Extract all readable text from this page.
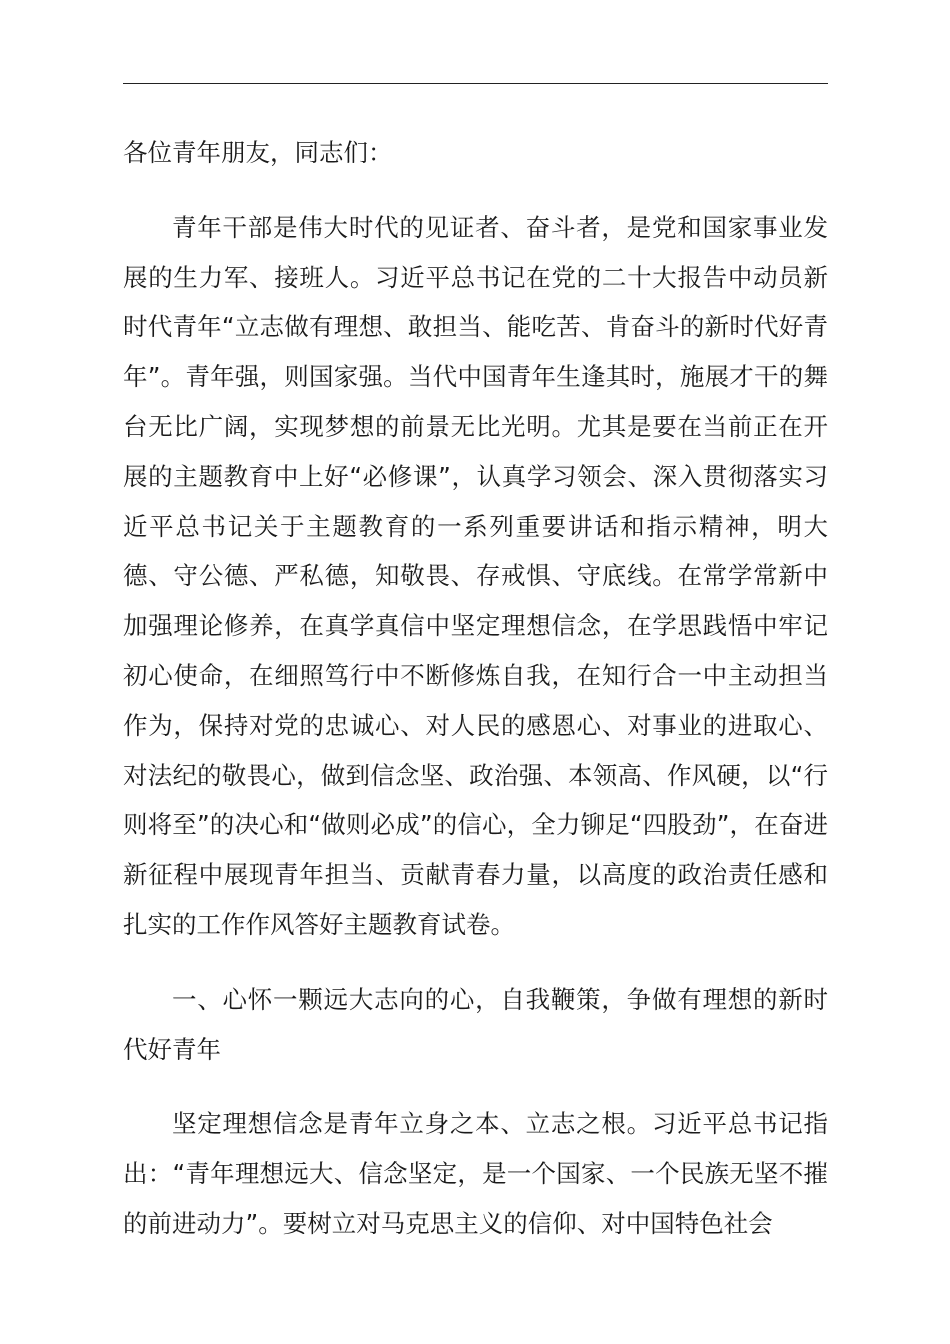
各位青年朋友，同志们：

青年干部是伟大时代的见证者、奋斗者，是党和国家事业发展的生力军、接班人。习近平总书记在党的二十大报告中动员新时代青年“立志做有理想、敢担当、能吃苦、肯奋斗的新时代好青年”。青年强，则国家强。当代中国青年生逢其时，施展才干的舞台无比广阔，实现梦想的前景无比光明。尤其是要在当前正在开展的主题教育中上好“必修课”，认真学习领会、深入贯彻落实习近平总书记关于主题教育的一系列重要讲话和指示精神，明大德、守公德、严私德，知敬畏、存戒惧、守底线。在常学常新中加强理论修养，在真学真信中坚定理想信念，在学思践悟中牢记初心使命，在细照笃行中不断修炼自我，在知行合一中主动担当作为，保持对党的忠诚心、对人民的感恩心、对事业的进取心、对法纪的敬畏心，做到信念坚、政治强、本领高、作风硬，以“行则将至”的决心和“做则必成”的信心，全力铆足“四股劲”，在奋进新征程中展现青年担当、贡献青春力量，以高度的政治责任感和扎实的工作作风答好主题教育试卷。

一、心怀一颗远大志向的心，自我鞭策，争做有理想的新时代好青年

坚定理想信念是青年立身之本、立志之根。习近平总书记指出：“青年理想远大、信念坚定，是一个国家、一个民族无坚不摧的前进动力”。要树立对马克思主义的信仰、对中国特色社会
